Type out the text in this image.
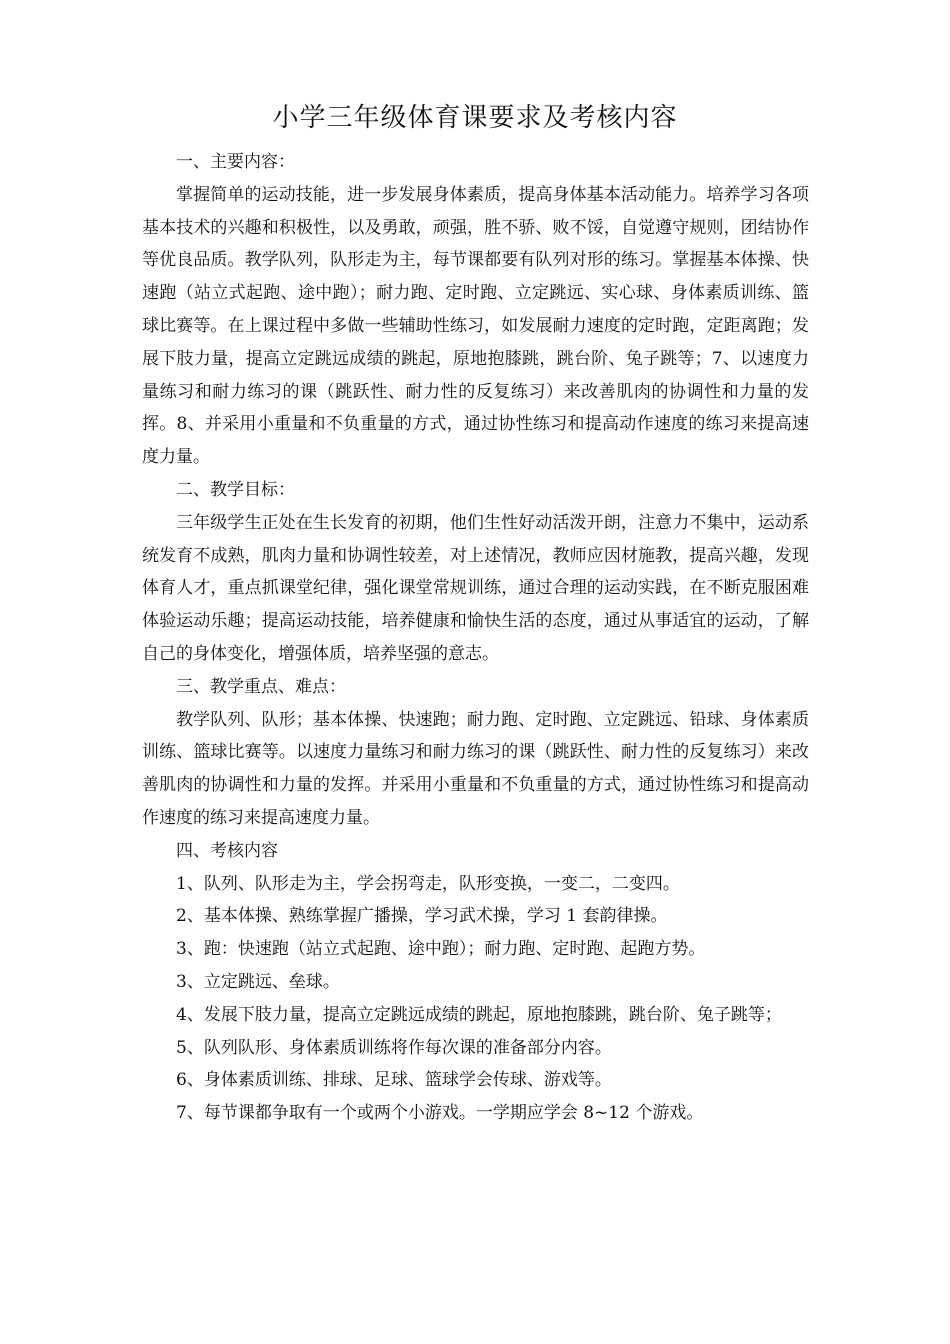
小学三年级体育课要求及考核内容

一、主要内容：

掌握简单的运动技能，进一步发展身体素质，提高身体基本活动能力。培养学习各项基本技术的兴趣和积极性，以及勇敢，顽强，胜不骄、败不馁，自觉遵守规则，团结协作等优良品质。教学队列，队形走为主，每节课都要有队列对形的练习。掌握基本体操、快速跑（站立式起跑、途中跑）；耐力跑、定时跑、立定跳远、实心球、身体素质训练、篮球比赛等。在上课过程中多做一些辅助性练习，如发展耐力速度的定时跑，定距离跑；发展下肢力量，提高立定跳远成绩的跳起，原地抱膝跳，跳台阶、兔子跳等；7、以速度力量练习和耐力练习的课（跳跃性、耐力性的反复练习）来改善肌肉的协调性和力量的发挥。8、并采用小重量和不负重量的方式，通过协性练习和提高动作速度的练习来提高速度力量。

二、教学目标：

三年级学生正处在生长发育的初期，他们生性好动活泼开朗，注意力不集中，运动系统发育不成熟，肌肉力量和协调性较差，对上述情况，教师应因材施教，提高兴趣，发现体育人才，重点抓课堂纪律，强化课堂常规训练，通过合理的运动实践，在不断克服困难体验运动乐趣；提高运动技能，培养健康和愉快生活的态度，通过从事适宜的运动，了解自己的身体变化，增强体质，培养坚强的意志。

三、教学重点、难点：

教学队列、队形；基本体操、快速跑；耐力跑、定时跑、立定跳远、铅球、身体素质训练、篮球比赛等。以速度力量练习和耐力练习的课（跳跃性、耐力性的反复练习）来改善肌肉的协调性和力量的发挥。并采用小重量和不负重量的方式，通过协性练习和提高动作速度的练习来提高速度力量。

四、考核内容

1、队列、队形走为主，学会拐弯走，队形变换，一变二，二变四。

2、基本体操、熟练掌握广播操，学习武术操，学习 1 套韵律操。

3、跑：快速跑（站立式起跑、途中跑）；耐力跑、定时跑、起跑方势。

3、立定跳远、垒球。

4、发展下肢力量，提高立定跳远成绩的跳起，原地抱膝跳，跳台阶、兔子跳等；

5、队列队形、身体素质训练将作每次课的准备部分内容。

6、身体素质训练、排球、足球、篮球学会传球、游戏等。

7、每节课都争取有一个或两个小游戏。一学期应学会 8~12 个游戏。
